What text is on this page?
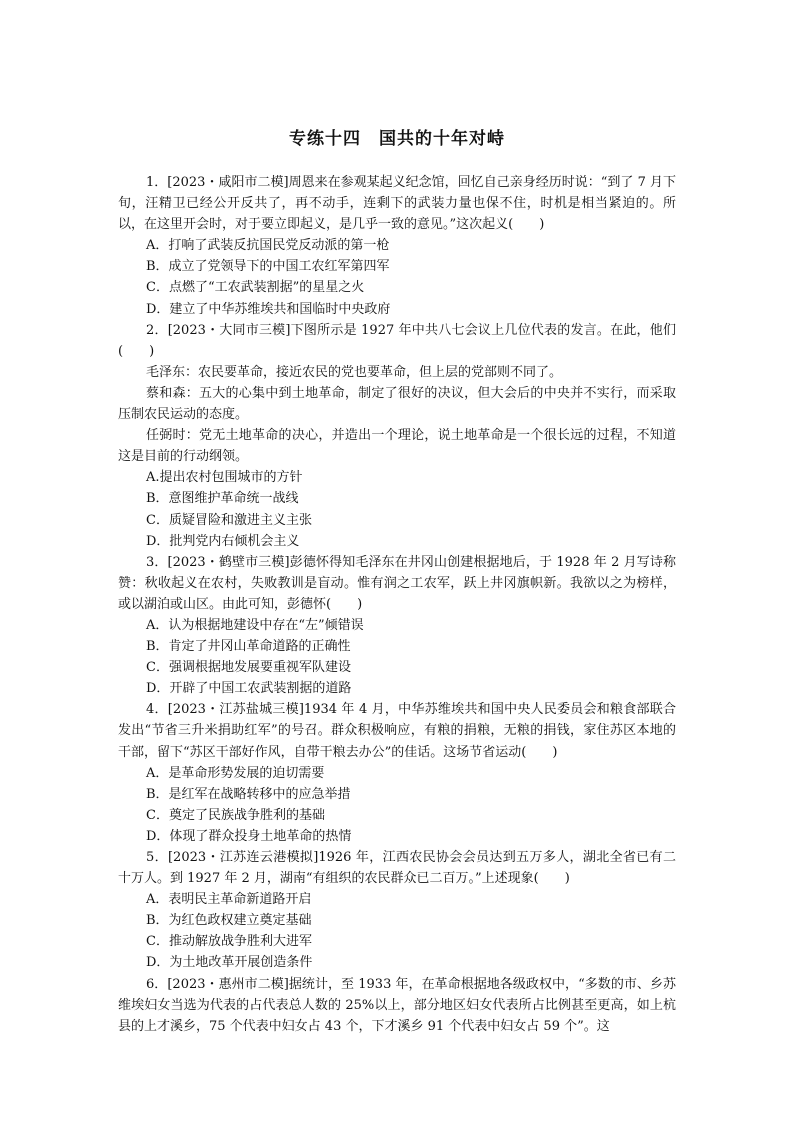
专练十四 国共的十年对峙

1．[2023・咸阳市二模]周恩来在参观某起义纪念馆，回忆自己亲身经历时说：“到了 7 月下旬，汪精卫已经公开反共了，再不动手，连剩下的武装力量也保不住，时机是相当紧迫的。所以，在这里开会时，对于要立即起义，是几乎一致的意见。”这次起义(　　)

A．打响了武装反抗国民党反动派的第一枪

B．成立了党领导下的中国工农红军第四军

C．点燃了“工农武装割据”的星星之火

D．建立了中华苏维埃共和国临时中央政府

2．[2023・大同市三模]下图所示是 1927 年中共八七会议上几位代表的发言。在此，他们(　　)

毛泽东：农民要革命，接近农民的党也要革命，但上层的党部则不同了。

蔡和森：五大的心集中到土地革命，制定了很好的决议，但大会后的中央并不实行，而采取压制农民运动的态度。

任弼时：党无土地革命的决心，并造出一个理论，说土地革命是一个很长远的过程，不知道这是目前的行动纲领。

A.提出农村包围城市的方针

B．意图维护革命统一战线

C．质疑冒险和激进主义主张

D．批判党内右倾机会主义

3．[2023・鹤壁市三模]彭德怀得知毛泽东在井冈山创建根据地后，于 1928 年 2 月写诗称赞：秋收起义在农村，失败教训是盲动。惟有润之工农军，跃上井冈旗帜新。我欲以之为榜样，或以湖泊或山区。由此可知，彭德怀(　　)

A．认为根据地建设中存在“左”倾错误

B．肯定了井冈山革命道路的正确性

C．强调根据地发展要重视军队建设

D．开辟了中国工农武装割据的道路

4．[2023・江苏盐城三模]1934 年 4 月，中华苏维埃共和国中央人民委员会和粮食部联合发出“节省三升米捐助红军”的号召。群众积极响应，有粮的捐粮，无粮的捐钱，家住苏区本地的干部，留下“苏区干部好作风，自带干粮去办公”的佳话。这场节省运动(　　)

A．是革命形势发展的迫切需要

B．是红军在战略转移中的应急举措

C．奠定了民族战争胜利的基础

D．体现了群众投身土地革命的热情

5．[2023・江苏连云港模拟]1926 年，江西农民协会会员达到五万多人，湖北全省已有二十万人。到 1927 年 2 月，湖南“有组织的农民群众已二百万。”上述现象(　　)

A．表明民主革命新道路开启

B．为红色政权建立奠定基础

C．推动解放战争胜利大进军

D．为土地改革开展创造条件

6．[2023・惠州市二模]据统计，至 1933 年，在革命根据地各级政权中，“多数的市、乡苏维埃妇女当选为代表的占代表总人数的 25%以上，部分地区妇女代表所占比例甚至更高，如上杭县的上才溪乡，75 个代表中妇女占 43 个，下才溪乡 91 个代表中妇女占 59 个”。这
